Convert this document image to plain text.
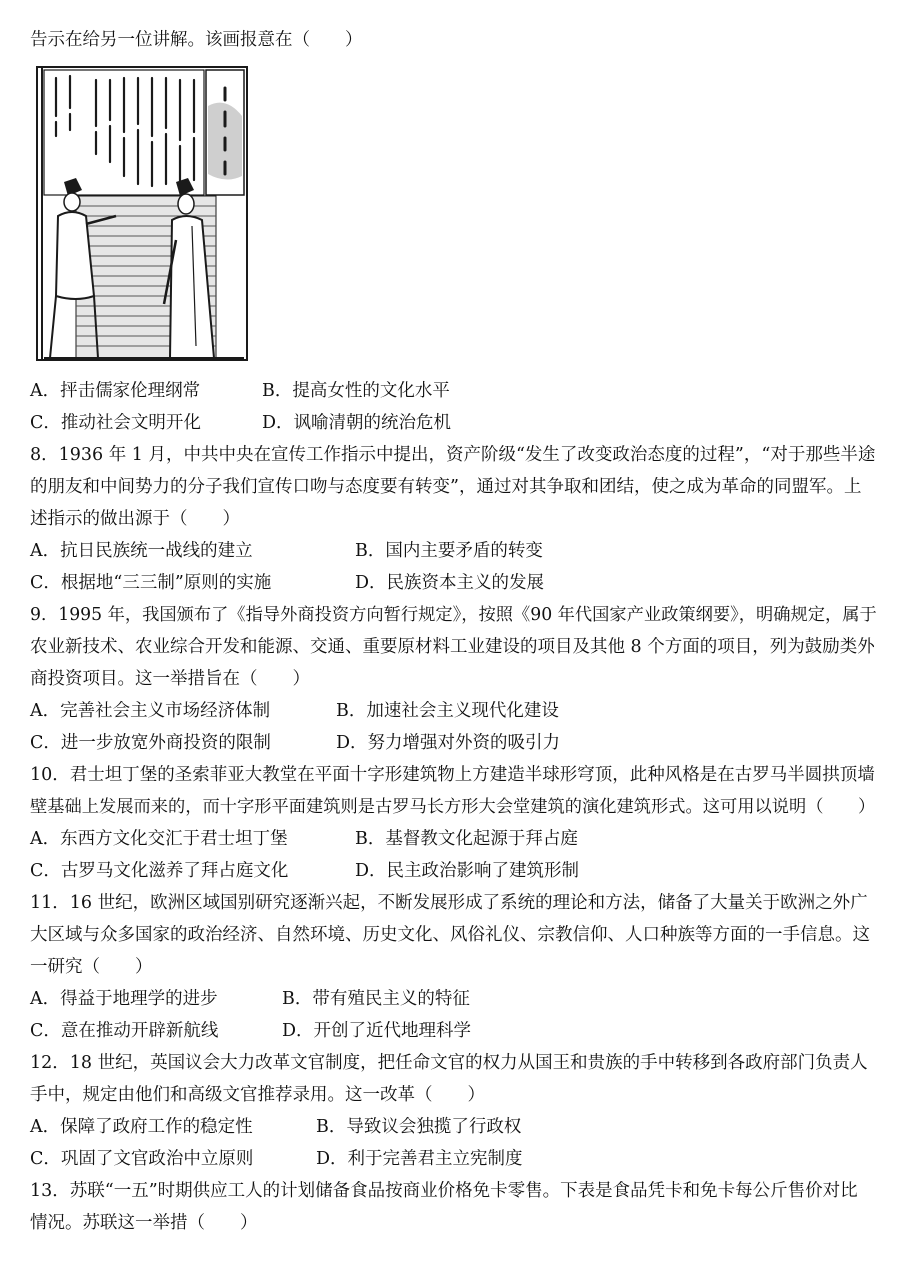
告示在给另一位讲解。该画报意在（　　）
A．抨击儒家伦理纲常	B．提高女性的文化水平
C．推动社会文明开化	D．讽喻清朝的统治危机
8．1936 年 1 月，中共中央在宣传工作指示中提出，资产阶级“发生了改变政治态度的过程”，“对于那些半途
的朋友和中间势力的分子我们宣传口吻与态度要有转变”，通过对其争取和团结，使之成为革命的同盟军。上
述指示的做出源于（　　）
A．抗日民族统一战线的建立	B．国内主要矛盾的转变
C．根据地“三三制”原则的实施	D．民族资本主义的发展
9．1995 年，我国颁布了《指导外商投资方向暂行规定》，按照《90 年代国家产业政策纲要》，明确规定，属于
农业新技术、农业综合开发和能源、交通、重要原材料工业建设的项目及其他 8 个方面的项目，列为鼓励类外
商投资项目。这一举措旨在（　　）
A．完善社会主义市场经济体制	B．加速社会主义现代化建设
C．进一步放宽外商投资的限制	D．努力增强对外资的吸引力
10．君士坦丁堡的圣索菲亚大教堂在平面十字形建筑物上方建造半球形穹顶，此种风格是在古罗马半圆拱顶墙
壁基础上发展而来的，而十字形平面建筑则是古罗马长方形大会堂建筑的演化建筑形式。这可用以说明（　　）
A．东西方文化交汇于君士坦丁堡	B．基督教文化起源于拜占庭
C．古罗马文化滋养了拜占庭文化	D．民主政治影响了建筑形制
11．16 世纪，欧洲区域国别研究逐渐兴起，不断发展形成了系统的理论和方法，储备了大量关于欧洲之外广
大区域与众多国家的政治经济、自然环境、历史文化、风俗礼仪、宗教信仰、人口种族等方面的一手信息。这
一研究（　　）
A．得益于地理学的进步	B．带有殖民主义的特征
C．意在推动开辟新航线	D．开创了近代地理科学
12．18 世纪，英国议会大力改革文官制度，把任命文官的权力从国王和贵族的手中转移到各政府部门负责人
手中，规定由他们和高级文官推荐录用。这一改革（　　）
A．保障了政府工作的稳定性	B．导致议会独揽了行政权
C．巩固了文官政治中立原则	D．利于完善君主立宪制度
13．苏联“一五”时期供应工人的计划储备食品按商业价格免卡零售。下表是食品凭卡和免卡每公斤售价对比
情况。苏联这一举措（　　）
